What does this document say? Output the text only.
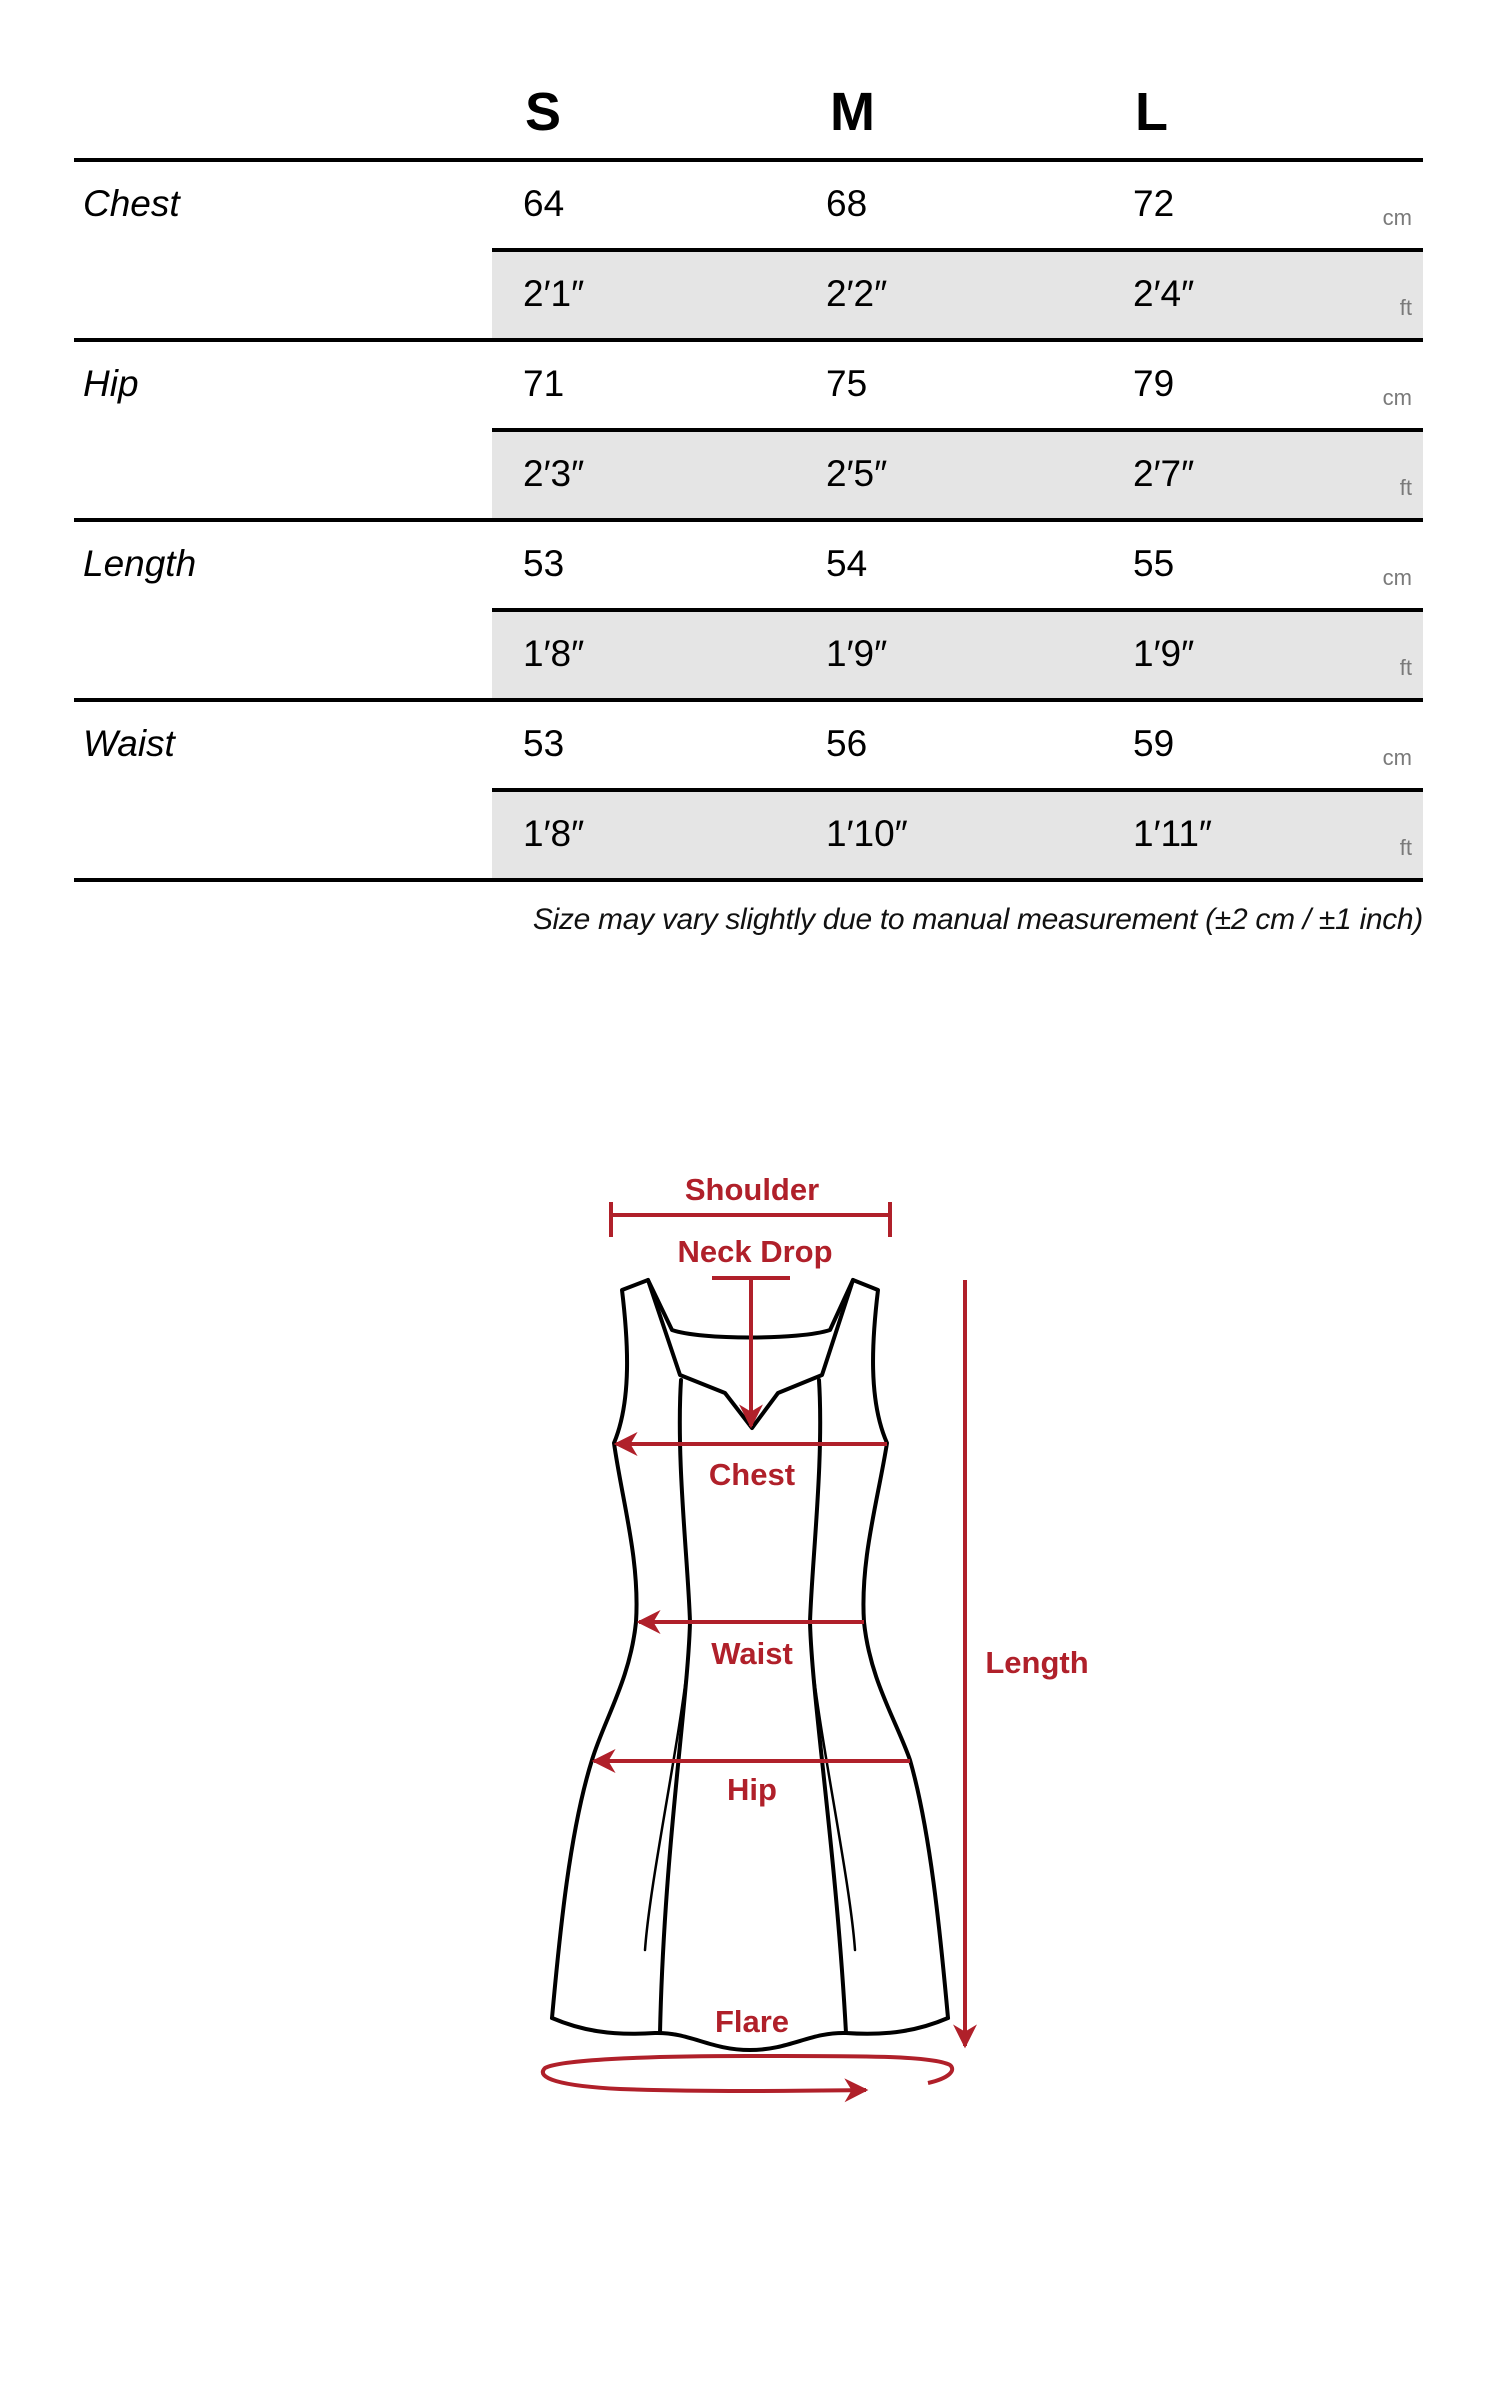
S	M	L
Chest	64	68	72	cm
2′1″	2′2″	2′4″	ft
Hip	71	75	79	cm
2′3″	2′5″	2′7″	ft
Length	53	54	55	cm
1′8″	1′9″	1′9″	ft
Waist	53	56	59	cm
1′8″	1′10″	1′11″	ft
Size may vary slightly due to manual measurement (±2 cm / ±1 inch)
Shoulder
Neck Drop
Chest
Waist
Hip
Flare
Length
